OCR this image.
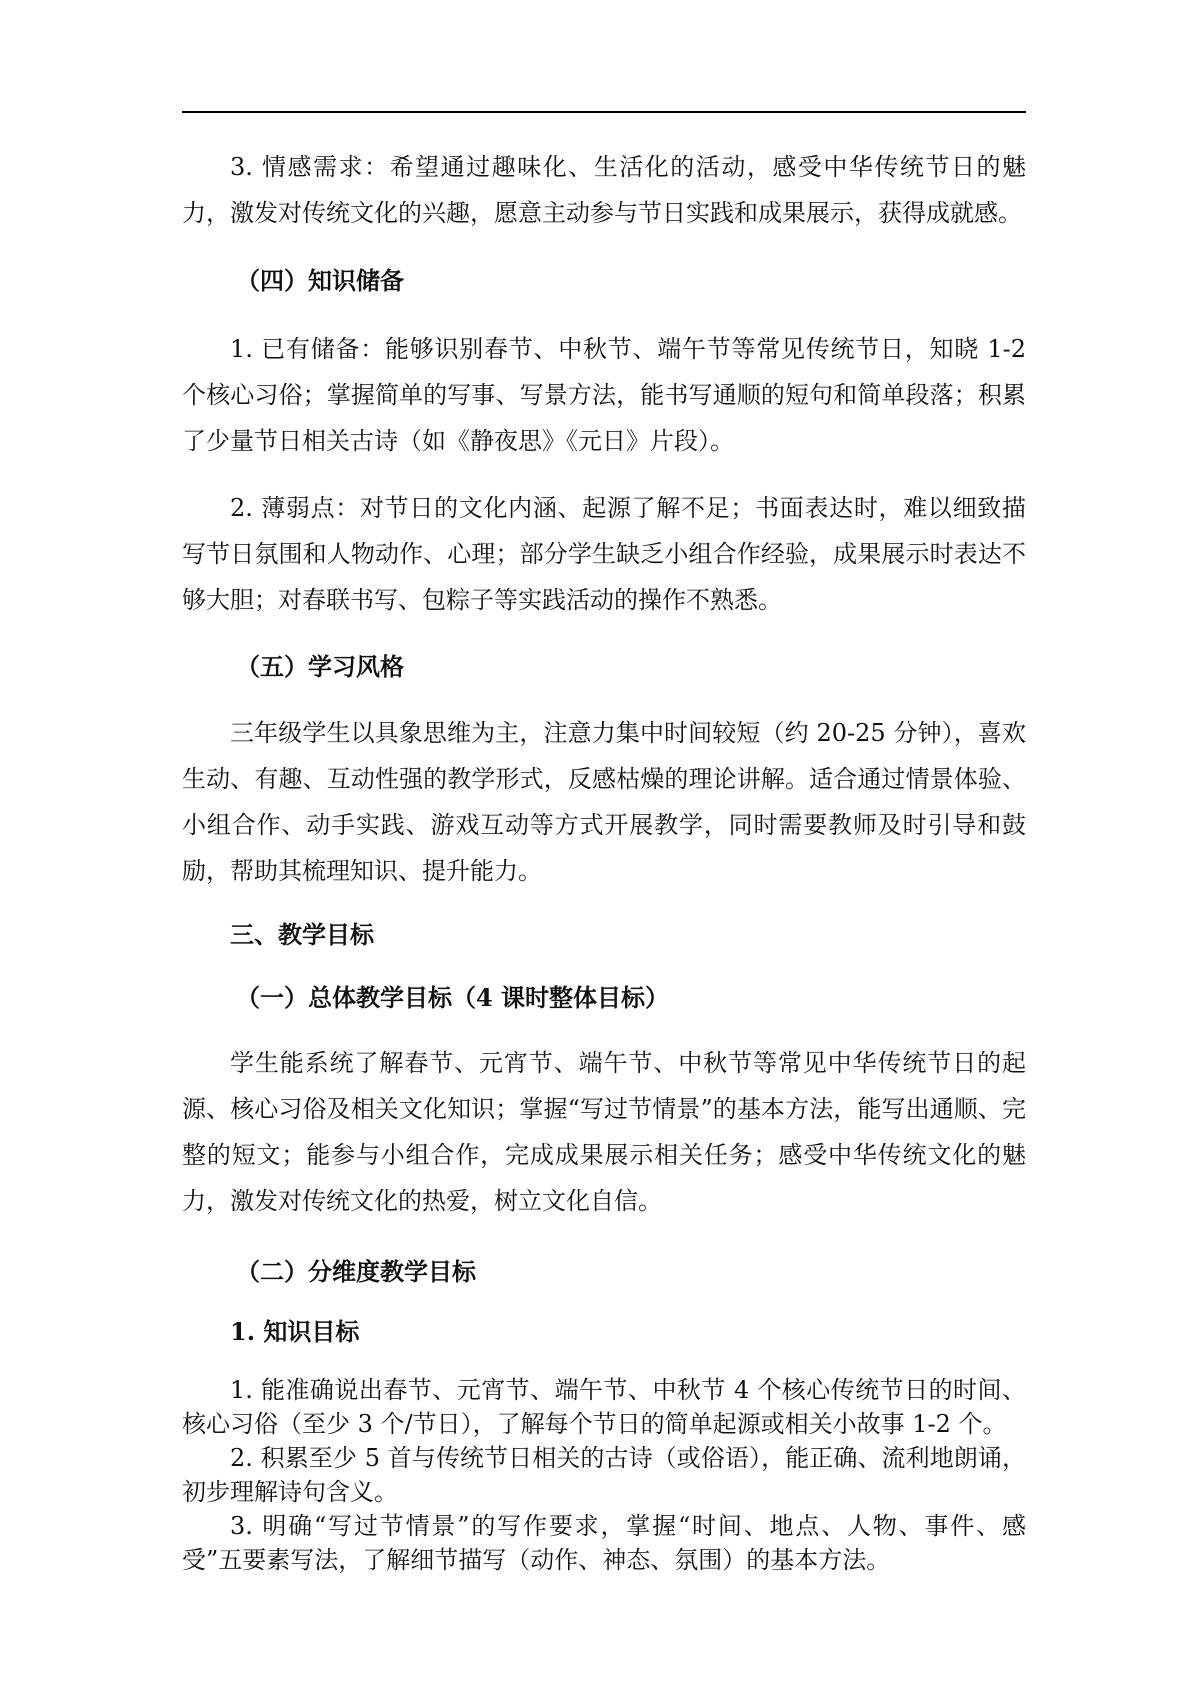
3. 情感需求：希望通过趣味化、生活化的活动，感受中华传统节日的魅力，激发对传统文化的兴趣，愿意主动参与节日实践和成果展示，获得成就感。

（四）知识储备

1. 已有储备：能够识别春节、中秋节、端午节等常见传统节日，知晓 1-2 个核心习俗；掌握简单的写事、写景方法，能书写通顺的短句和简单段落；积累了少量节日相关古诗（如《静夜思》《元日》片段）。

2. 薄弱点：对节日的文化内涵、起源了解不足；书面表达时，难以细致描写节日氛围和人物动作、心理；部分学生缺乏小组合作经验，成果展示时表达不够大胆；对春联书写、包粽子等实践活动的操作不熟悉。

（五）学习风格

三年级学生以具象思维为主，注意力集中时间较短（约 20-25 分钟），喜欢生动、有趣、互动性强的教学形式，反感枯燥的理论讲解。适合通过情景体验、小组合作、动手实践、游戏互动等方式开展教学，同时需要教师及时引导和鼓励，帮助其梳理知识、提升能力。

三、教学目标

（一）总体教学目标（4 课时整体目标）

学生能系统了解春节、元宵节、端午节、中秋节等常见中华传统节日的起源、核心习俗及相关文化知识；掌握“写过节情景”的基本方法，能写出通顺、完整的短文；能参与小组合作，完成成果展示相关任务；感受中华传统文化的魅力，激发对传统文化的热爱，树立文化自信。

（二）分维度教学目标

1. 知识目标

1. 能准确说出春节、元宵节、端午节、中秋节 4 个核心传统节日的时间、核心习俗（至少 3 个/节日），了解每个节日的简单起源或相关小故事 1-2 个。

2. 积累至少 5 首与传统节日相关的古诗（或俗语），能正确、流利地朗诵，初步理解诗句含义。

3. 明确“写过节情景”的写作要求，掌握“时间、地点、人物、事件、感受”五要素写法，了解细节描写（动作、神态、氛围）的基本方法。
